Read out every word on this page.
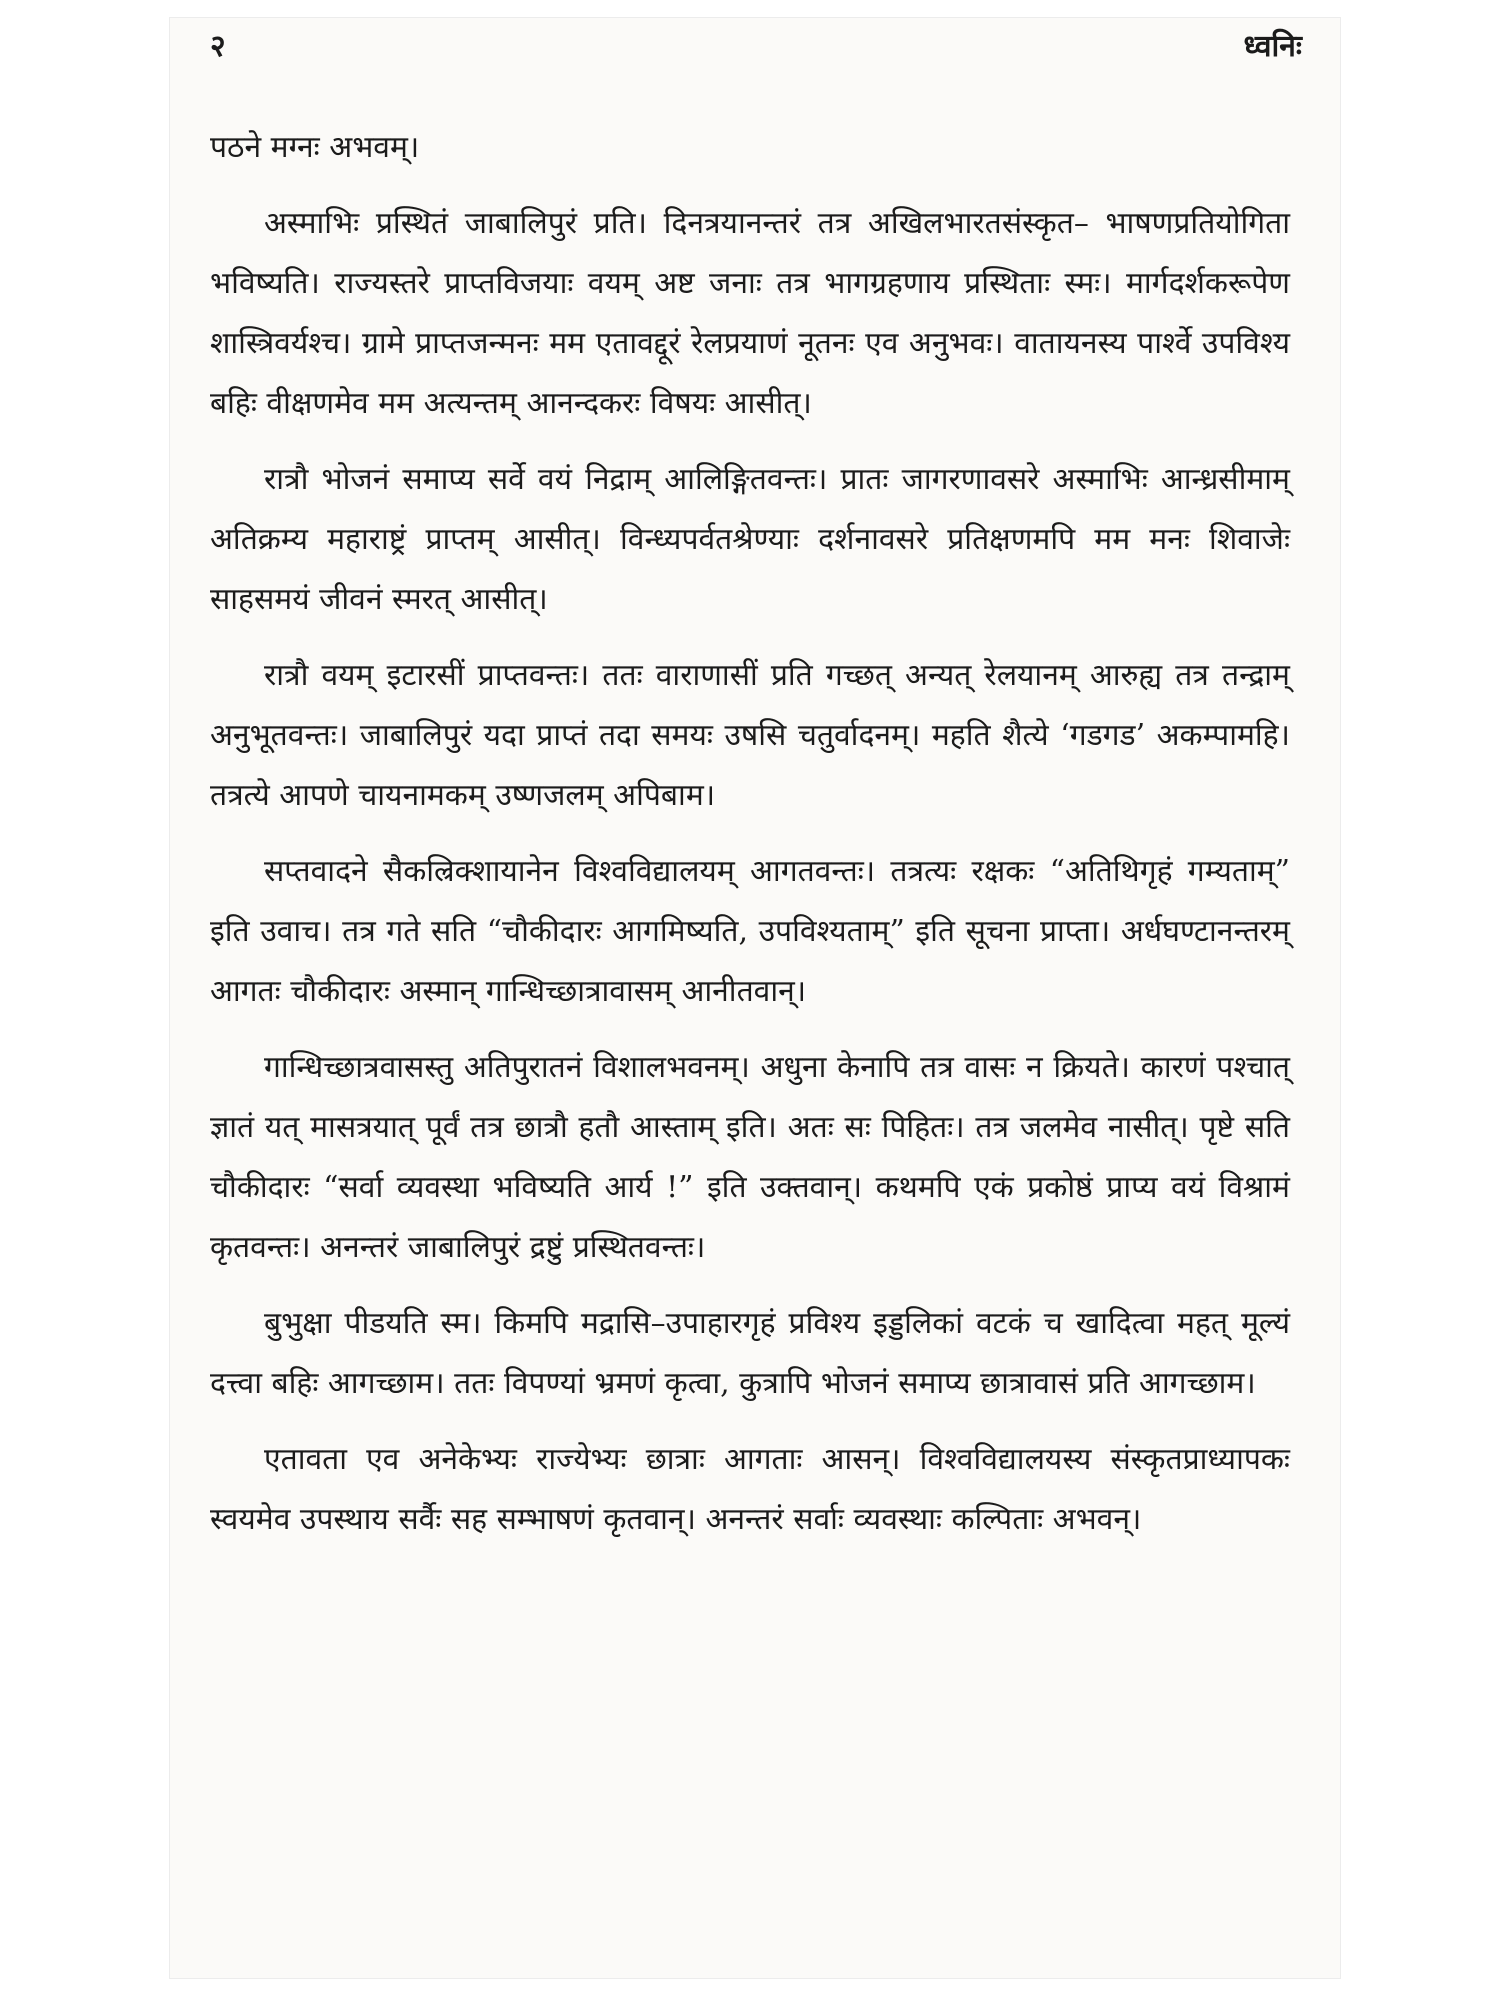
२	ध्वनिः

पठने मग्नः अभवम्।

अस्माभिः प्रस्थितं जाबालिपुरं प्रति। दिनत्रयानन्तरं तत्र अखिलभारतसंस्कृत– भाषणप्रतियोगिता भविष्यति। राज्यस्तरे प्राप्तविजयाः वयम् अष्ट जनाः तत्र भागग्रहणाय प्रस्थिताः स्मः। मार्गदर्शकरूपेण शास्त्रिवर्यश्च। ग्रामे प्राप्तजन्मनः मम एतावद्दूरं रेलप्रयाणं नूतनः एव अनुभवः। वातायनस्य पार्श्वे उपविश्य बहिः वीक्षणमेव मम अत्यन्तम् आनन्दकरः विषयः आसीत्।

रात्रौ भोजनं समाप्य सर्वे वयं निद्राम् आलिङ्गितवन्तः। प्रातः जागरणावसरे अस्माभिः आन्ध्रसीमाम् अतिक्रम्य महाराष्ट्रं प्राप्तम् आसीत्। विन्ध्यपर्वतश्रेण्याः दर्शनावसरे प्रतिक्षणमपि मम मनः शिवाजेः साहसमयं जीवनं स्मरत् आसीत्।

रात्रौ वयम् इटारसीं प्राप्तवन्तः। ततः वाराणासीं प्रति गच्छत् अन्यत् रेलयानम् आरुह्य तत्र तन्द्राम् अनुभूतवन्तः। जाबालिपुरं यदा प्राप्तं तदा समयः उषसि चतुर्वादनम्। महति शैत्ये ‘गडगड’ अकम्पामहि। तत्रत्ये आपणे चायनामकम् उष्णजलम् अपिबाम।

सप्तवादने सैकल्रिक्शायानेन विश्वविद्यालयम् आगतवन्तः। तत्रत्यः रक्षकः “अतिथिगृहं गम्यताम्” इति उवाच। तत्र गते सति “चौकीदारः आगमिष्यति, उपविश्यताम्” इति सूचना प्राप्ता। अर्धघण्टानन्तरम् आगतः चौकीदारः अस्मान् गान्धिच्छात्रावासम् आनीतवान्।

गान्धिच्छात्रवासस्तु अतिपुरातनं विशालभवनम्। अधुना केनापि तत्र वासः न क्रियते। कारणं पश्चात् ज्ञातं यत् मासत्रयात् पूर्वं तत्र छात्रौ हतौ आस्ताम् इति। अतः सः पिहितः। तत्र जलमेव नासीत्। पृष्टे सति चौकीदारः “सर्वा व्यवस्था भविष्यति आर्य !” इति उक्तवान्। कथमपि एकं प्रकोष्ठं प्राप्य वयं विश्रामं कृतवन्तः। अनन्तरं जाबालिपुरं द्रष्टुं प्रस्थितवन्तः।

बुभुक्षा पीडयति स्म। किमपि मद्रासि–उपाहारगृहं प्रविश्य इड्डलिकां वटकं च खादित्वा महत् मूल्यं दत्त्वा बहिः आगच्छाम। ततः विपण्यां भ्रमणं कृत्वा, कुत्रापि भोजनं समाप्य छात्रावासं प्रति आगच्छाम।

एतावता एव अनेकेभ्यः राज्येभ्यः छात्राः आगताः आसन्। विश्वविद्यालयस्य संस्कृतप्राध्यापकः स्वयमेव उपस्थाय सर्वैः सह सम्भाषणं कृतवान्। अनन्तरं सर्वाः व्यवस्थाः कल्पिताः अभवन्।
